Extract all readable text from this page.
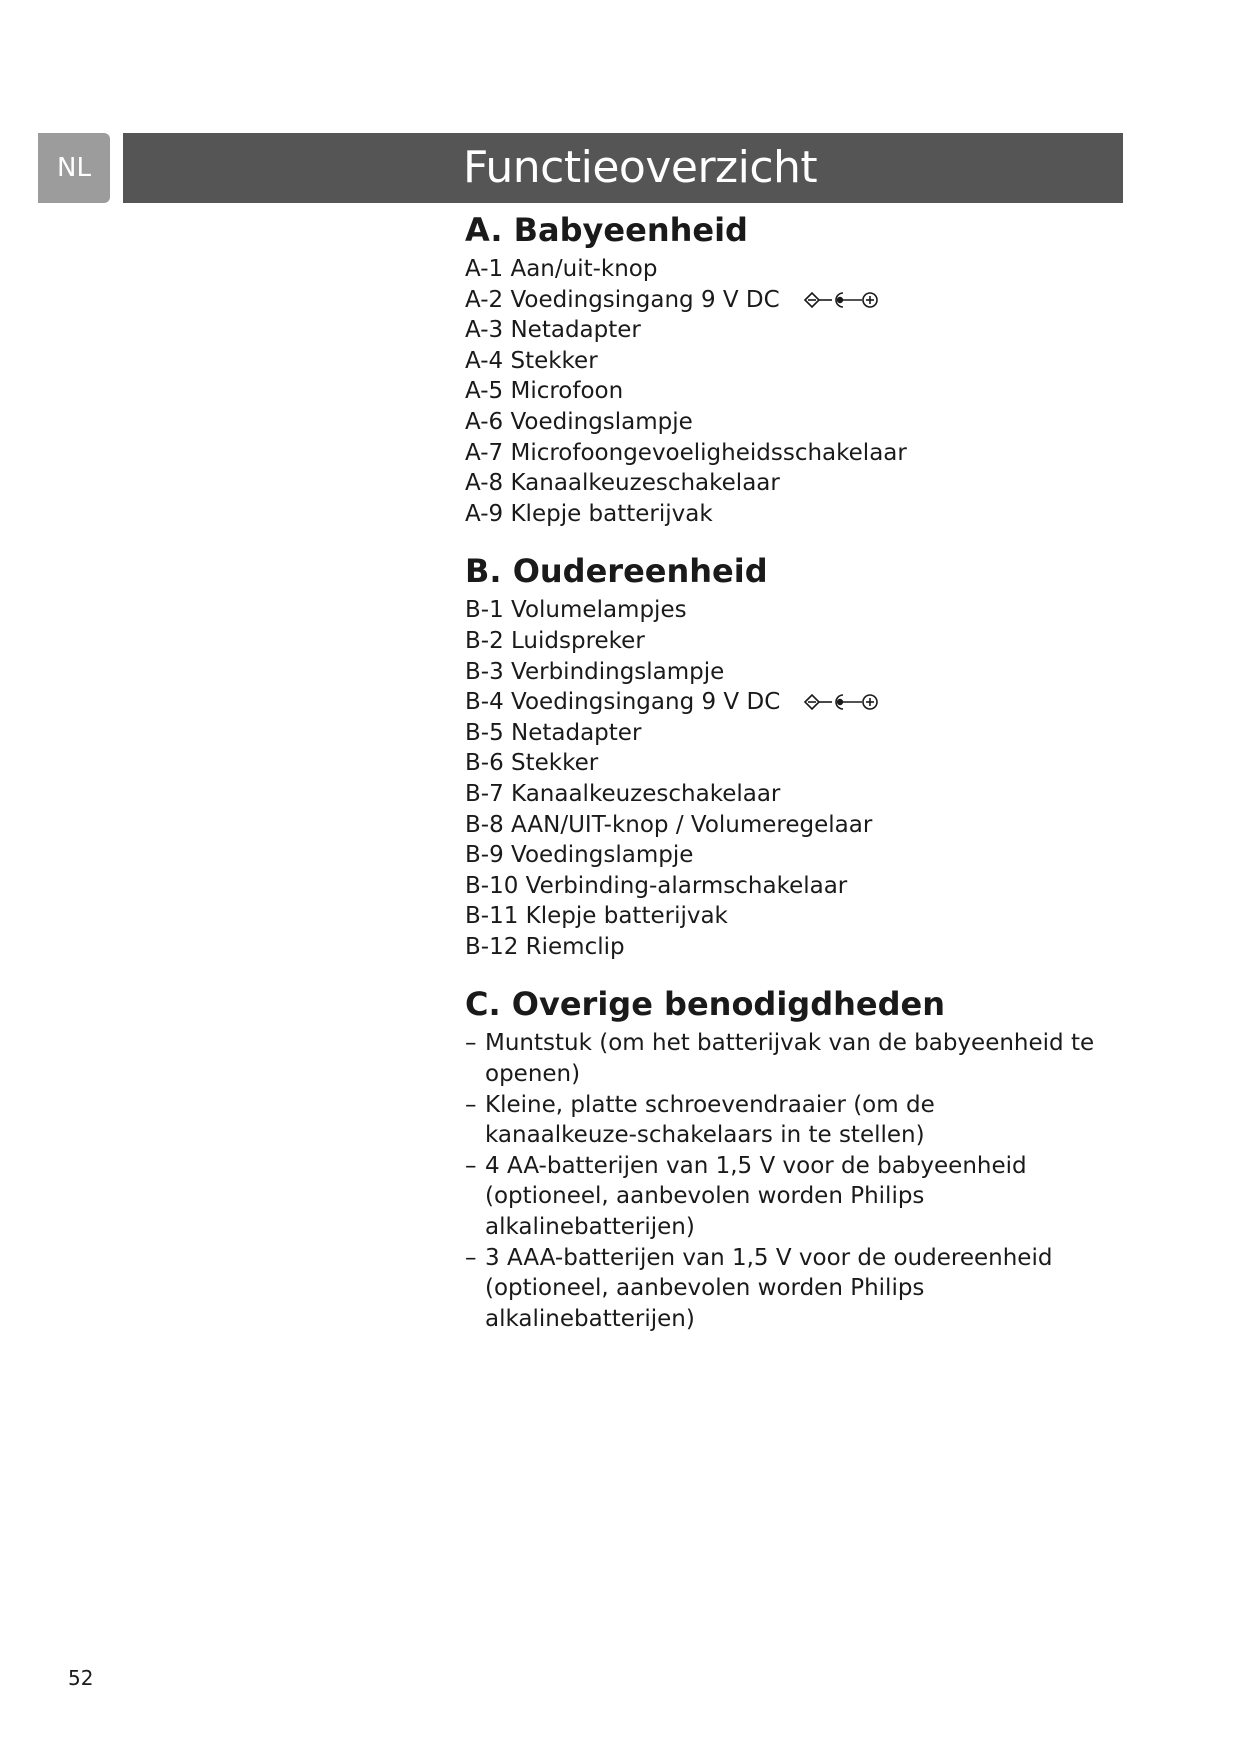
NL	Functieoverzicht
A. Babyeenheid
A-1 Aan/uit-knop
A-2 Voedingsingang 9 V DC
A-3 Netadapter
A-4 Stekker
A-5 Microfoon
A-6 Voedingslampje
A-7 Microfoongevoeligheidsschakelaar
A-8 Kanaalkeuzeschakelaar
A-9 Klepje batterijvak
B. Oudereenheid
B-1 Volumelampjes
B-2 Luidspreker
B-3 Verbindingslampje
B-4 Voedingsingang 9 V DC
B-5 Netadapter
B-6 Stekker
B-7 Kanaalkeuzeschakelaar
B-8 AAN/UIT-knop / Volumeregelaar
B-9 Voedingslampje
B-10 Verbinding-alarmschakelaar
B-11 Klepje batterijvak
B-12 Riemclip
C. Overige benodigdheden
– Muntstuk (om het batterijvak van de babyeenheid te openen)
– Kleine, platte schroevendraaier (om de kanaalkeuze-schakelaars in te stellen)
– 4 AA-batterijen van 1,5 V voor de babyeenheid (optioneel, aanbevolen worden Philips alkalinebatterijen)
– 3 AAA-batterijen van 1,5 V voor de oudereenheid (optioneel, aanbevolen worden Philips alkalinebatterijen)
52
